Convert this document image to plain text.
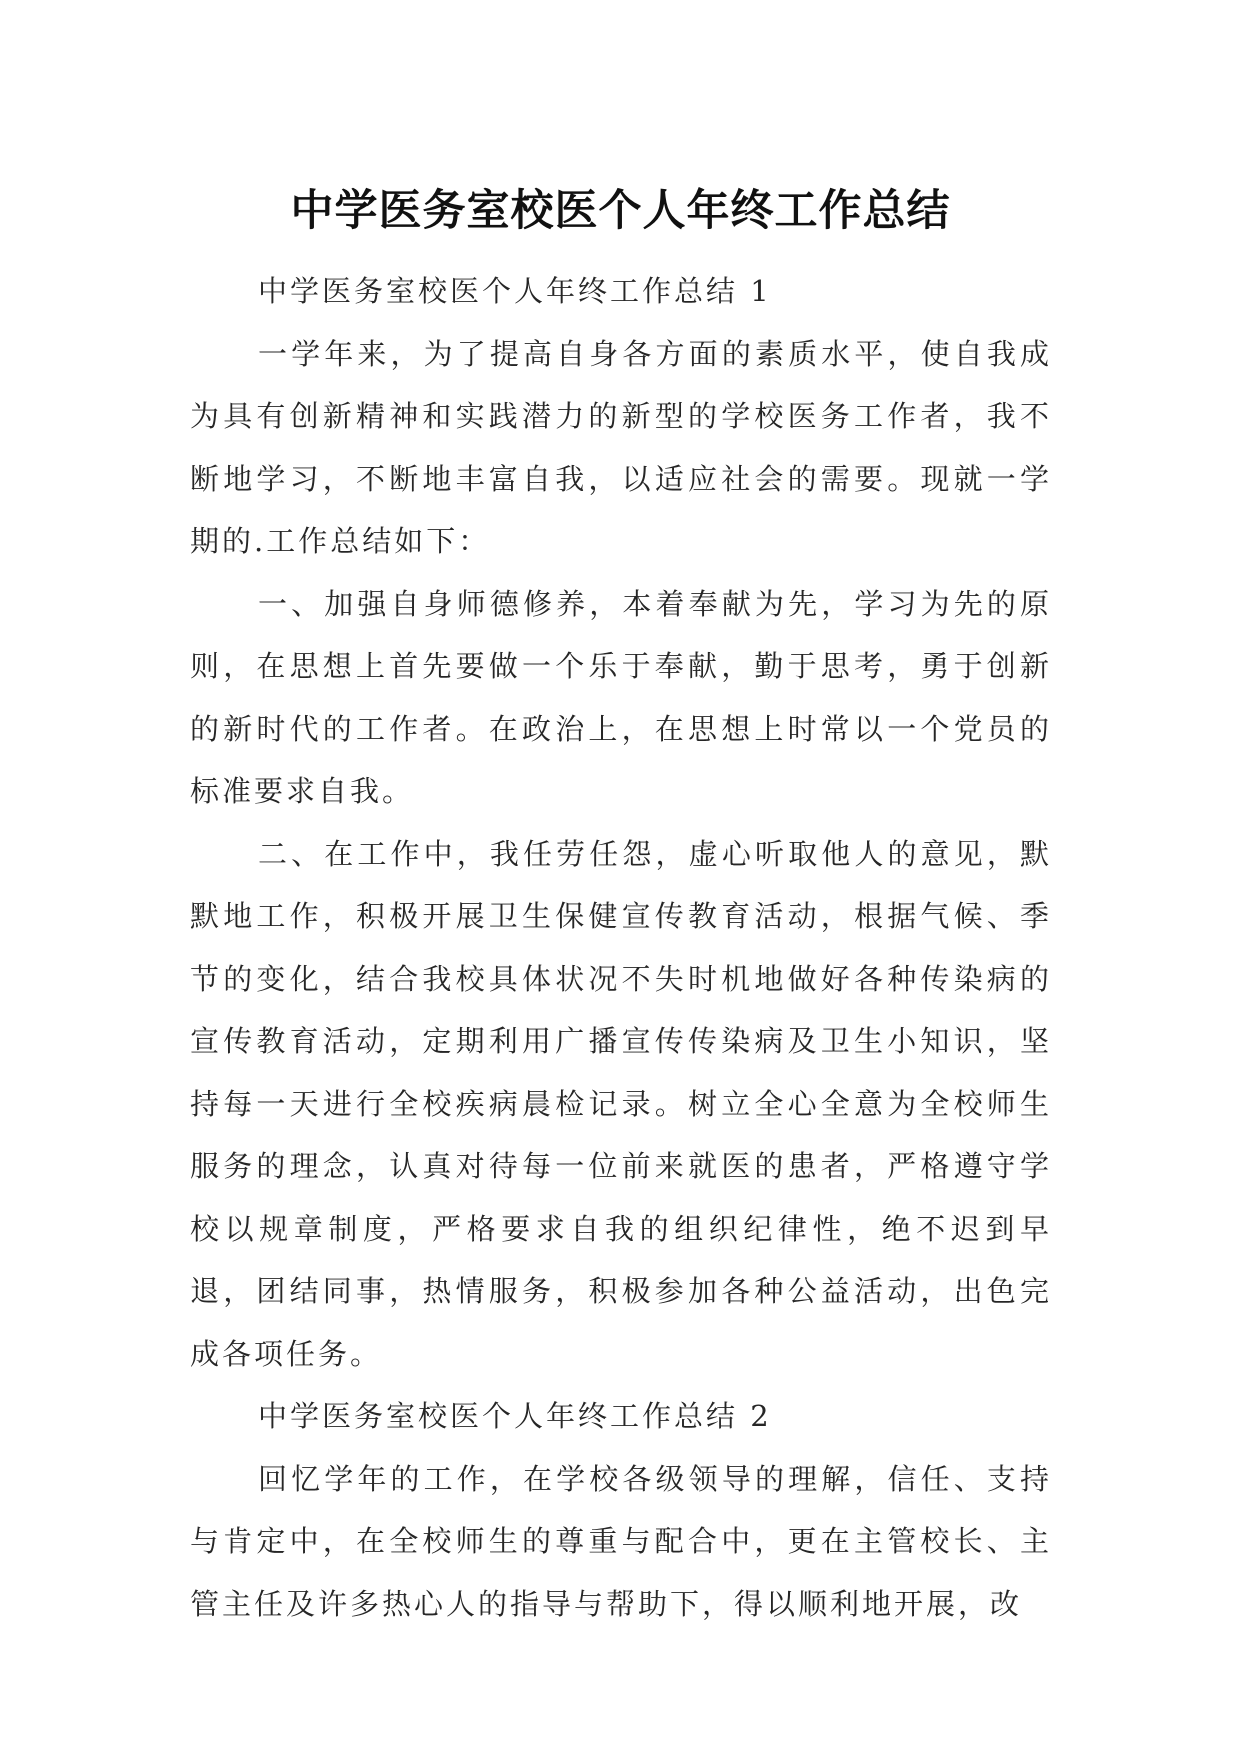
中学医务室校医个人年终工作总结

中学医务室校医个人年终工作总结 1

一学年来，为了提高自身各方面的素质水平，使自我成为具有创新精神和实践潜力的新型的学校医务工作者，我不断地学习，不断地丰富自我，以适应社会的需要。现就一学期的.工作总结如下：

一、加强自身师德修养，本着奉献为先，学习为先的原则，在思想上首先要做一个乐于奉献，勤于思考，勇于创新的新时代的工作者。在政治上，在思想上时常以一个党员的标准要求自我。

二、在工作中，我任劳任怨，虚心听取他人的意见，默默地工作，积极开展卫生保健宣传教育活动，根据气候、季节的变化，结合我校具体状况不失时机地做好各种传染病的宣传教育活动，定期利用广播宣传传染病及卫生小知识，坚持每一天进行全校疾病晨检记录。树立全心全意为全校师生服务的理念，认真对待每一位前来就医的患者，严格遵守学校以规章制度，严格要求自我的组织纪律性，绝不迟到早退，团结同事，热情服务，积极参加各种公益活动，出色完成各项任务。

中学医务室校医个人年终工作总结 2

回忆学年的工作，在学校各级领导的理解，信任、支持与肯定中，在全校师生的尊重与配合中，更在主管校长、主管主任及许多热心人的指导与帮助下，得以顺利地开展，改
